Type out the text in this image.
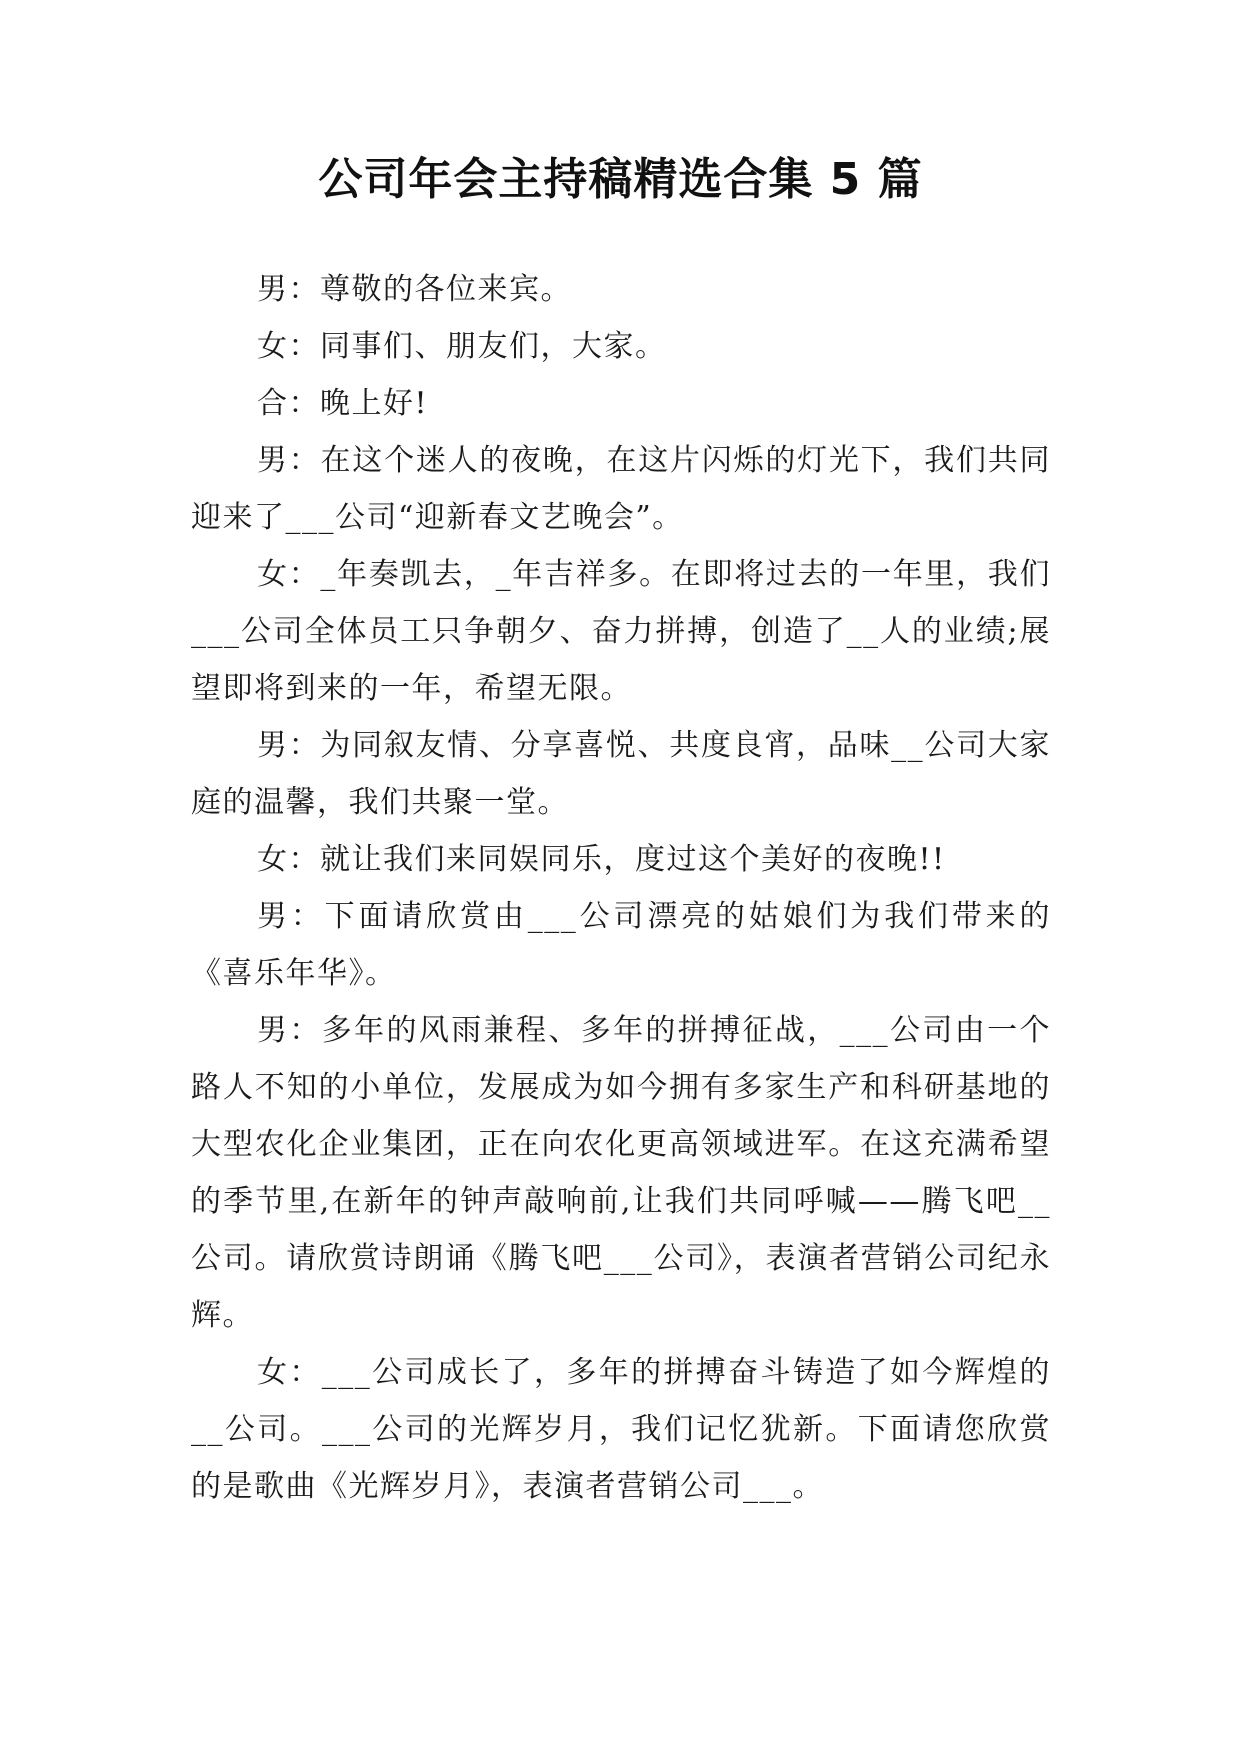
公司年会主持稿精选合集 5 篇

男：尊敬的各位来宾。

女：同事们、朋友们，大家。

合：晚上好!

男：在这个迷人的夜晚，在这片闪烁的灯光下，我们共同迎来了___公司“迎新春文艺晚会”。

女：_年奏凯去，_年吉祥多。在即将过去的一年里，我们___公司全体员工只争朝夕、奋力拼搏，创造了__人的业绩;展望即将到来的一年，希望无限。

男：为同叙友情、分享喜悦、共度良宵，品味__公司大家庭的温馨，我们共聚一堂。

女：就让我们来同娱同乐，度过这个美好的夜晚!!

男：下面请欣赏由___公司漂亮的姑娘们为我们带来的《喜乐年华》。

男：多年的风雨兼程、多年的拼搏征战，___公司由一个路人不知的小单位，发展成为如今拥有多家生产和科研基地的大型农化企业集团，正在向农化更高领域进军。在这充满希望的季节里,在新年的钟声敲响前,让我们共同呼喊——腾飞吧__公司。请欣赏诗朗诵《腾飞吧___公司》，表演者营销公司纪永辉。

女：___公司成长了，多年的拼搏奋斗铸造了如今辉煌的__公司。___公司的光辉岁月，我们记忆犹新。下面请您欣赏的是歌曲《光辉岁月》，表演者营销公司___。
